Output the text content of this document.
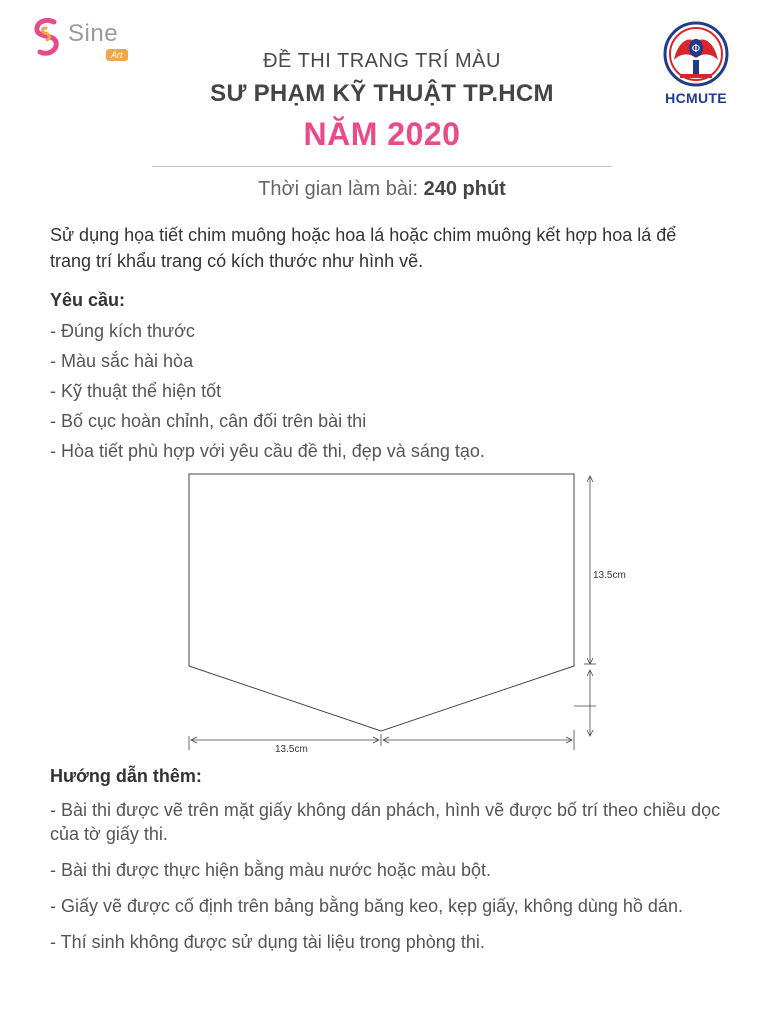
Sine
Art	Φ
HCMUTE
ĐỀ THI TRANG TRÍ MÀU
SƯ PHẠM KỸ THUẬT TP.HCM
NĂM 2020
Thời gian làm bài: 240 phút
Sử dụng họa tiết chim muông hoặc hoa lá hoặc chim muông kết hợp hoa lá để trang trí khẩu trang có kích thước như hình vẽ.
Yêu cầu:
- Đúng kích thước
- Màu sắc hài hòa
- Kỹ thuật thể hiện tốt
- Bố cục hoàn chỉnh, cân đối trên bài thi
- Hòa tiết phù hợp với yêu cầu đề thi, đẹp và sáng tạo.
13.5cm
13.5cm
Hướng dẫn thêm:
- Bài thi được vẽ trên mặt giấy không dán phách, hình vẽ được bố trí theo chiều dọc của tờ giấy thi.
- Bài thi được thực hiện bằng màu nước hoặc màu bột.
- Giấy vẽ được cố định trên bảng bằng băng keo, kẹp giấy, không dùng hồ dán.
- Thí sinh không được sử dụng tài liệu trong phòng thi.
